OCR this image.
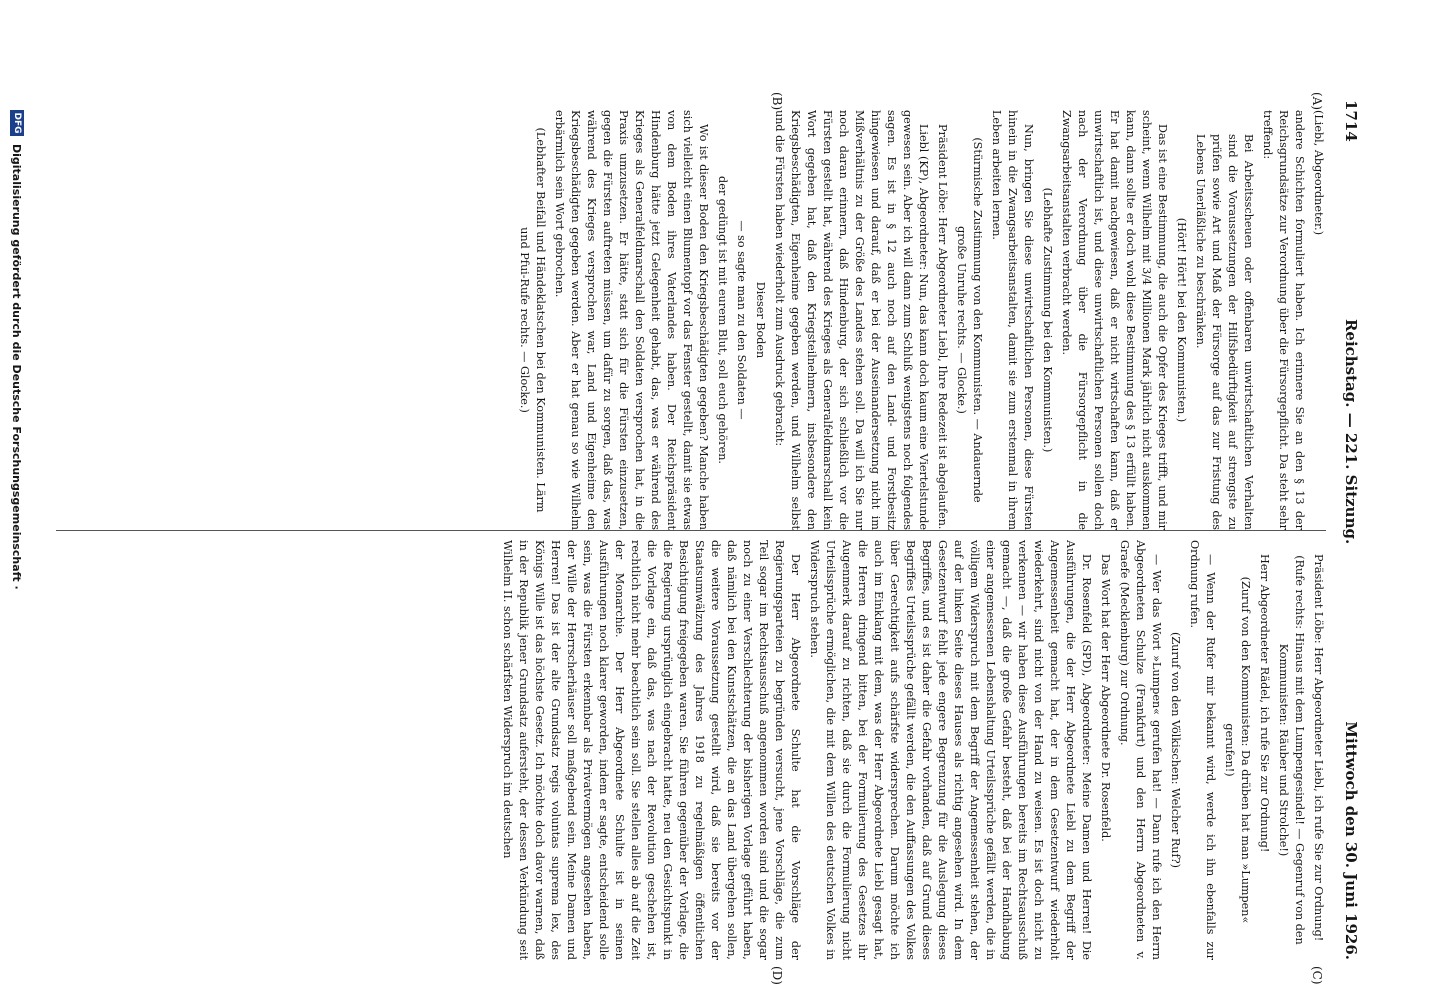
1714
Reichstag. — 221. Sitzung.
Mittwoch den 30. Juni 1926.
(A)
(B)
(C)
(D)

(Liebl, Abgeordneter.)

andere Schichten formuliert haben. Ich erinnere Sie an den § 13 der Reichsgrundsätze zur Verordnung über die Fürsorgepflicht. Da steht sehr treffend:

Bei Arbeitsscheuen oder offenbaren unwirtschaftlichen Verhalten sind die Voraussetzungen der Hilfsbedürftigkeit auf strengste zu prüfen sowie Art und Maß der Fürsorge auf das zur Fristung des Lebens Unerläßliche zu beschränken.

(Hört! Hört! bei den Kommunisten.)

Das ist eine Bestimmung, die auch die Opfer des Krieges trifft, und mir scheint, wenn Wilhelm mit 3/4 Millionen Mark jährlich nicht auskommen kann, dann sollte er doch wohl diese Bestimmung des § 13 erfüllt haben. Er hat damit nachgewiesen, daß er nicht wirtschaften kann, daß er unwirtschaftlich ist, und diese unwirtschaftlichen Personen sollen doch nach der Verordnung über die Fürsorgepflicht in die Zwangsarbeitsanstalten verbracht werden.

(Lebhafte Zustimmung bei den Kommunisten.)

Nun, bringen Sie diese unwirtschaftlichen Personen, diese Fürsten hinein in die Zwangsarbeitsanstalten, damit sie zum erstenmal in ihrem Leben arbeiten lernen.

(Stürmische Zustimmung von den Kommunisten. — Andauernde große Unruhe rechts. — Glocke.)

Präsident Löbe: Herr Abgeordneter Liebl, Ihre Redezeit ist abgelaufen.

Liebl (KP), Abgeordneter: Nun, das kann doch kaum eine Viertelstunde gewesen sein. Aber ich will dann zum Schluß wenigstens noch folgendes sagen. Es ist in § 12 auch noch auf den Land- und Forstbesitz hingewiesen und darauf, daß er bei der Auseinandersetzung nicht im Mißverhältnis zu der Größe des Landes stehen soll. Da will ich Sie nur noch daran erinnern, daß Hindenburg, der sich schließlich vor die Fürsten gestellt hat, während des Krieges als Generalfeldmarschall kein Wort gegeben hat, daß den Kriegsteilnehmern, insbesondere den Kriegsbeschädigten, Eigenheime gegeben werden, und Wilhelm selbst und die Fürsten haben wiederholt zum Ausdruck gebracht:

Dieser Boden

— so sagte man zu den Soldaten —

der gedüngt ist mit eurem Blut, soll euch gehören.

Wo ist dieser Boden den Kriegsbeschädigten gegeben? Manche haben sich vielleicht einen Blumentopf vor das Fenster gestellt, damit sie etwas von dem Boden ihres Vaterlandes haben. Der Reichspräsident Hindenburg hätte jetzt Gelegenheit gehabt, das, was er während des Krieges als Generalfeldmarschall den Soldaten versprochen hat, in die Praxis umzusetzen. Er hätte, statt sich für die Fürsten einzusetzen, gegen die Fürsten auftreten müssen, um dafür zu sorgen, daß das, was während des Krieges versprochen war, Land und Eigenheime den Kriegsbeschädigten gegeben werden. Aber er hat genau so wie Wilhelm erbärmlich sein Wort gebrochen.

(Lebhafter Beifall und Händeklatschen bei den Kommunisten. Lärm und Pfui-Rufe rechts. — Glocke.)

Präsident Löbe: Herr Abgeordneter Liebl, ich rufe Sie zur Ordnung!

(Rufe rechts: Hinaus mit dem Lumpengesindel! — Gegenruf von den Kommunisten: Räuber und Strolche!)

Herr Abgeordneter Rädel, ich rufe Sie zur Ordnung!

(Zuruf von den Kommunisten: Da drüben hat man »Lumpen« gerufen!)

— Wenn der Rufer mir bekannt wird, werde ich ihn ebenfalls zur Ordnung rufen.

(Zuruf von den Völkischen: Welcher Ruf?)

— Wer das Wort »Lumpen« gerufen hat! — Dann rufe ich den Herrn Abgeordneten Schulze (Frankfurt) und den Herrn Abgeordneten v. Graefe (Mecklenburg) zur Ordnung.

Das Wort hat der Herr Abgeordnete Dr. Rosenfeld.

Dr. Rosenfeld (SPD), Abgeordneter: Meine Damen und Herren! Die Ausführungen, die der Herr Abgeordnete Liebl zu dem Begriff der Angemessenheit gemacht hat, der in dem Gesetzentwurf wiederholt wiederkehrt, sind nicht von der Hand zu weisen. Es ist doch nicht zu verkennen — wir haben diese Ausführungen bereits im Rechtsausschuß gemacht —, daß die große Gefahr besteht, daß bei der Handhabung einer angemessenen Lebenshaltung Urteilssprüche gefällt werden, die in völligem Widerspruch mit dem Begriff der Angemessenheit stehen, der auf der linken Seite dieses Hauses als richtig angesehen wird. In dem Gesetzentwurf fehlt jede engere Begrenzung für die Auslegung dieses Begriffes, und es ist daher die Gefahr vorhanden, daß auf Grund dieses Begriffes Urteilssprüche gefällt werden, die den Auffassungen des Volkes über Gerechtigkeit aufs schärfste widersprechen. Darum möchte ich auch im Einklang mit dem, was der Herr Abgeordnete Liebl gesagt hat, die Herren dringend bitten, bei der Formulierung des Gesetzes ihr Augenmerk darauf zu richten, daß sie durch die Formulierung nicht Urteilssprüche ermöglichen, die mit dem Willen des deutschen Volkes in Widerspruch stehen.

Der Herr Abgeordnete Schulte hat die Vorschläge der Regierungsparteien zu begründen versucht, jene Vorschläge, die zum Teil sogar im Rechtsausschuß angenommen worden sind und die sogar noch zu einer Verschlechterung der bisherigen Vorlage geführt haben, daß nämlich bei den Kunstschätzen, die an das Land übergehen sollen, die weitere Voraussetzung gestellt wird, daß sie bereits vor der Staatsumwälzung des Jahres 1918 zu regelmäßigen öffentlichen Besichtigung freigegeben waren. Sie führen gegenüber der Vorlage, die die Regierung ursprünglich eingebracht hatte, neu den Gesichtspunkt in die Vorlage ein, daß das, was nach der Revolution geschehen ist, rechtlich nicht mehr beachtlich sein soll. Sie stellen alles ab auf die Zeit der Monarchie. Der Herr Abgeordnete Schulte ist in seinen Ausführungen noch klarer geworden, indem er sagte, entscheidend solle sein, was die Fürsten erkennbar als Privatvermögen angesehen haben, der Wille der Herrscherhäuser soll maßgebend sein. Meine Damen und Herren! Das ist der alte Grundsatz regis voluntas suprema lex, des Königs Wille ist das höchste Gesetz. Ich möchte doch davor warnen, daß in der Republik jener Grundsatz aufersteht, der dessen Verkündung seit Wilhelm II. schon schärfsten Widerspruch im deutschen

DFG
Digitalisierung gefördert durch die Deutsche Forschungsgemeinschaft ·
